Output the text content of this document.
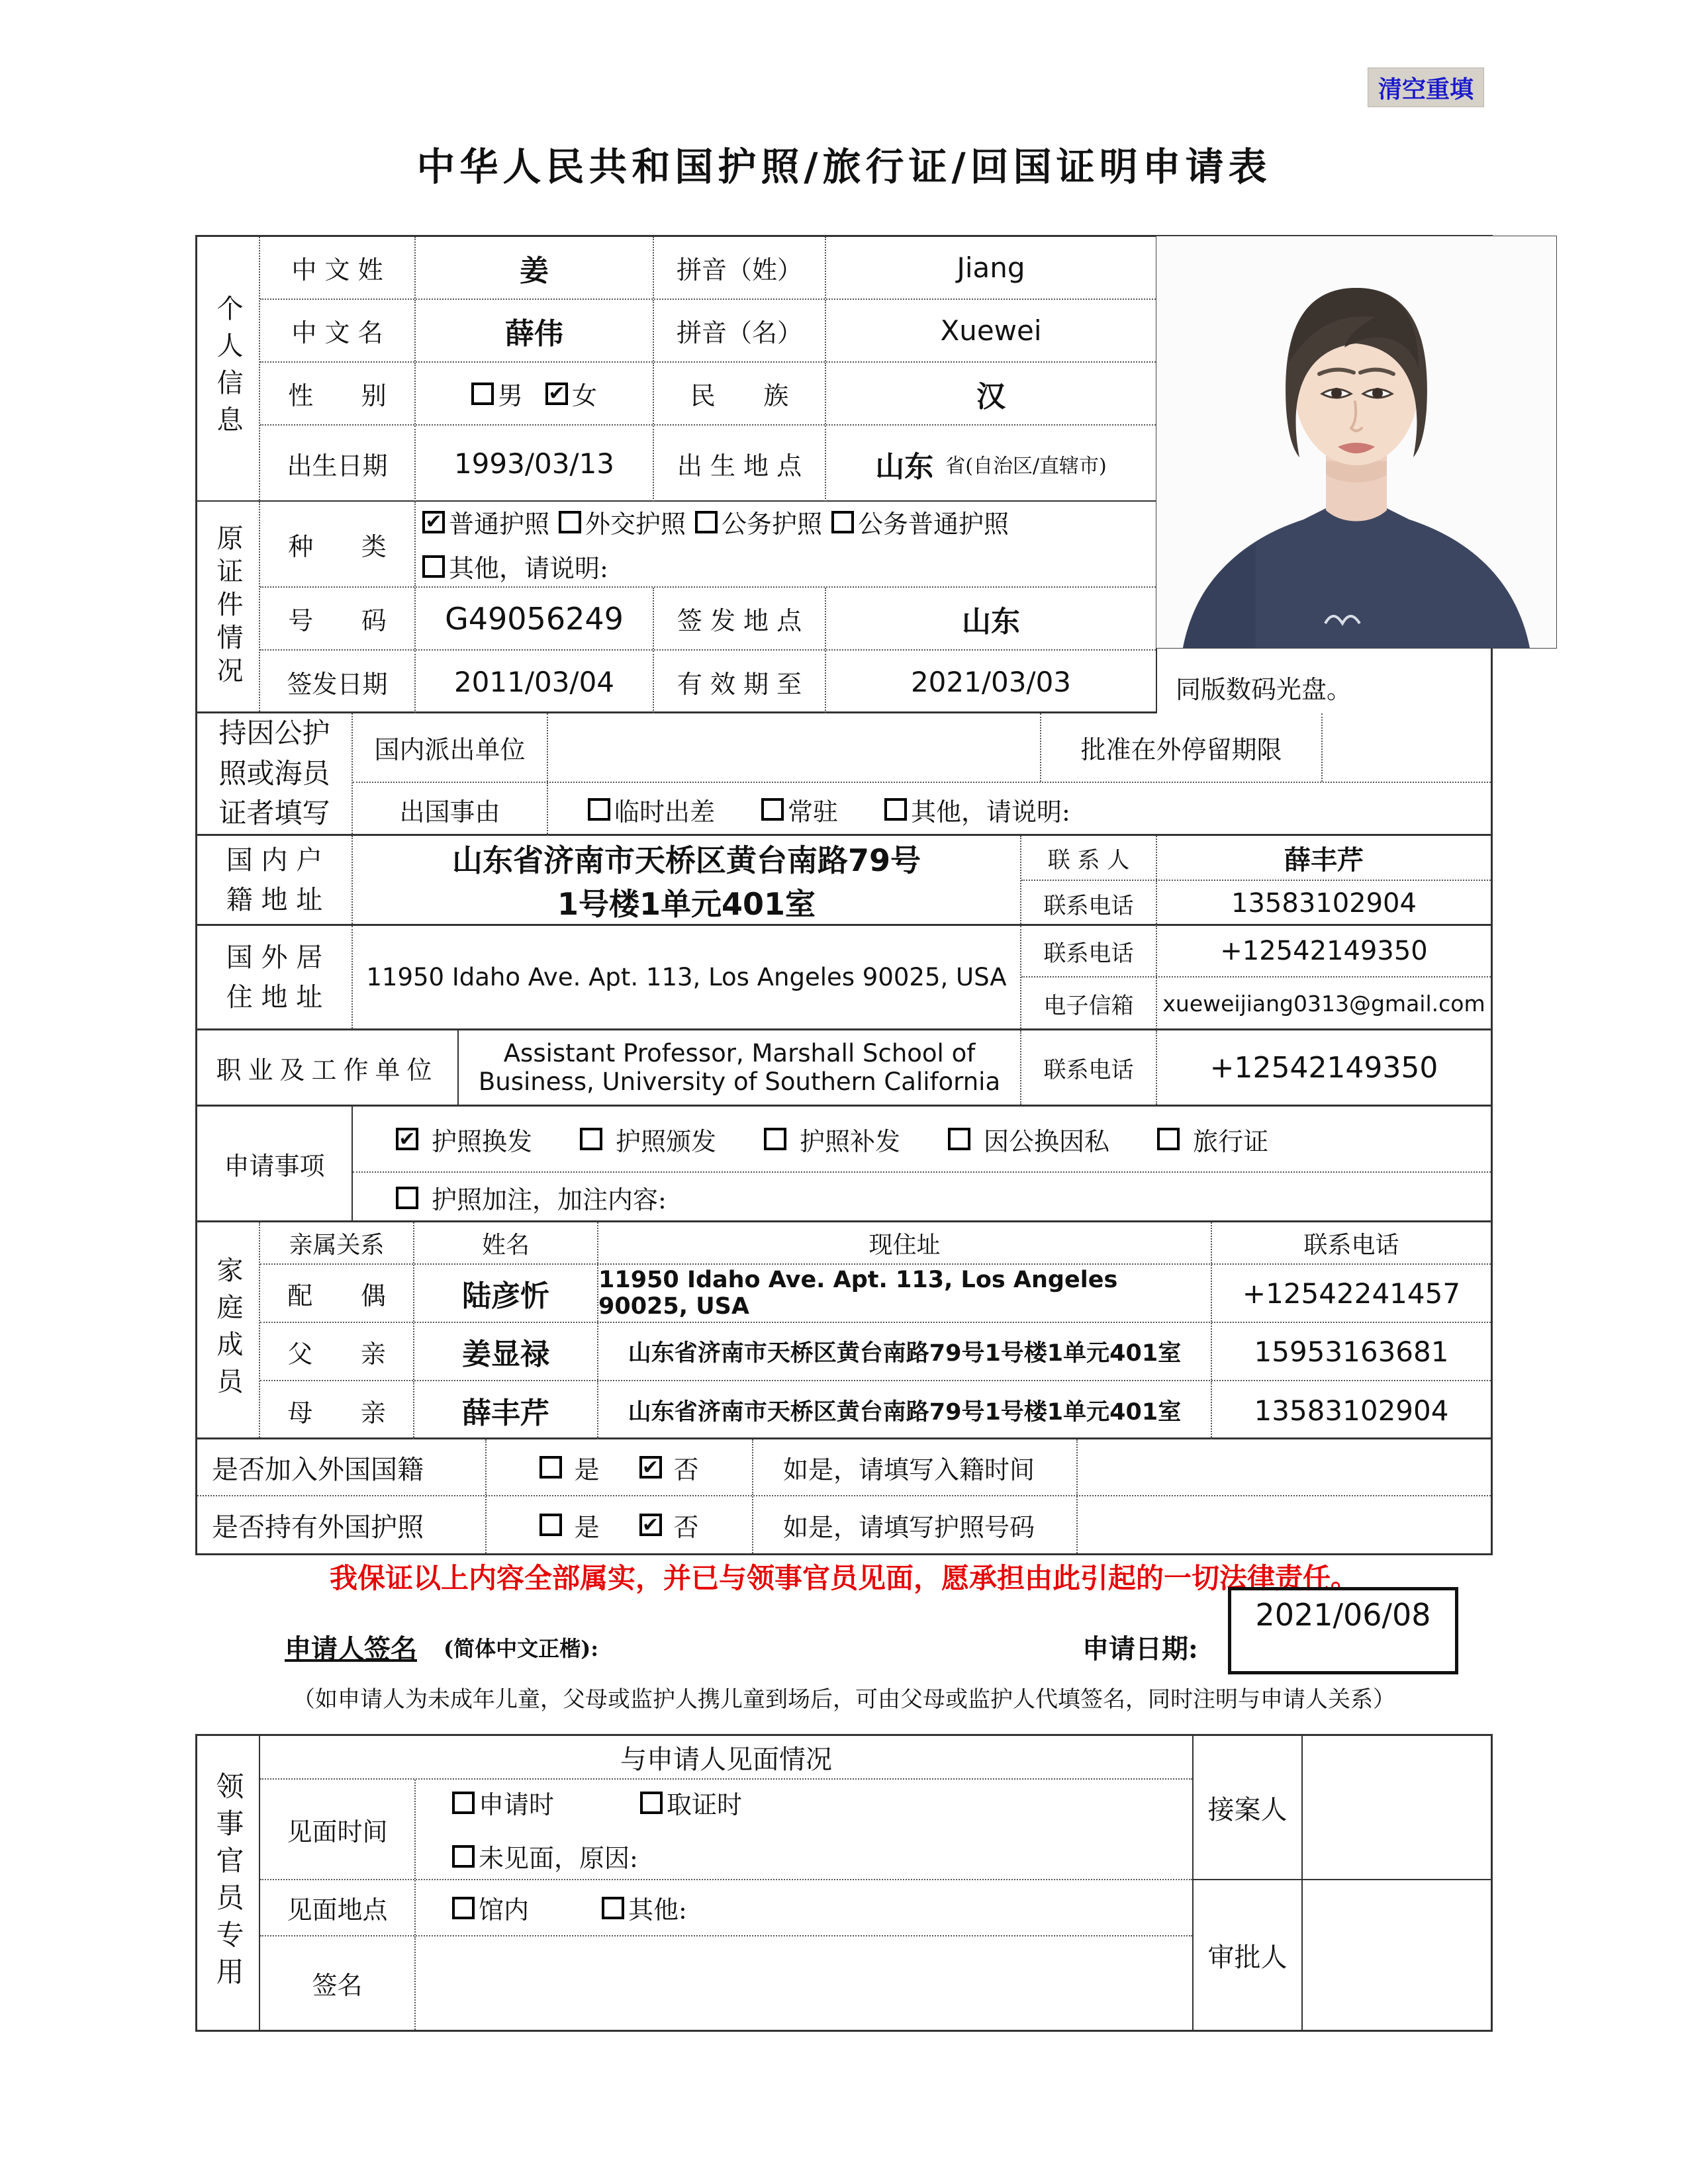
清空重填
中华人民共和国护照/旅行证/回国证明申请表
同版数码光盘。
个人信息
中 文 姓	姜	拼音（姓）	Jiang
中 文 名	薛伟	拼音（名）	Xuewei
性      别	男 ✔ 女	民      族	汉
出生日期	1993/03/13	出 生 地 点	山东 省(自治区/直辖市)
原证件情况	种      类
✔ 普通护照 外交护照 公务护照 公务普通护照
其他，请说明:
号      码	G49056249	签 发 地 点	山东
签发日期	2011/03/04	有 效 期 至	2021/03/03
持因公护照或海员证者填写
国内派出单位	批准在外停留期限
出国事由	临时出差	常驻	其他，请说明:
国 内 户 籍 地 址
山东省济南市天桥区黄台南路79号
1号楼1单元401室
联 系 人	薛丰芹
联系电话	13583102904
国 外 居 住 地 址
11950 Idaho Ave. Apt. 113, Los Angeles 90025, USA
联系电话	+12542149350
电子信箱	xueweijiang0313@gmail.com
职业及工作单位
Assistant Professor, Marshall School of
Business, University of Southern California	联系电话	+12542149350
申请事项
✔ 护照换发	护照颁发	护照补发	因公换因私	旅行证
护照加注，加注内容:
家庭成员
亲属关系	姓名	现住址	联系电话
配      偶	陆彦忻	11950 Idaho Ave. Apt. 113, Los Angeles 90025, USA	+12542241457
父      亲	姜显禄	山东省济南市天桥区黄台南路79号1号楼1单元401室	15953163681
母      亲	薛丰芹	山东省济南市天桥区黄台南路79号1号楼1单元401室	13583102904
是否加入外国国籍	是 ✔ 否	如是，请填写入籍时间
是否持有外国护照	是 ✔ 否	如是，请填写护照号码
我保证以上内容全部属实，并已与领事官员见面，愿承担由此引起的一切法律责任。
2021/06/08
申请人签名 (简体中文正楷):	申请日期:
（如申请人为未成年儿童，父母或监护人携儿童到场后，可由父母或监护人代填签名，同时注明与申请人关系）
领事官员专用
与申请人见面情况
见面时间
申请时	取证时
未见面，原因:
见面地点	馆内	其他:
签名
接案人
审批人
